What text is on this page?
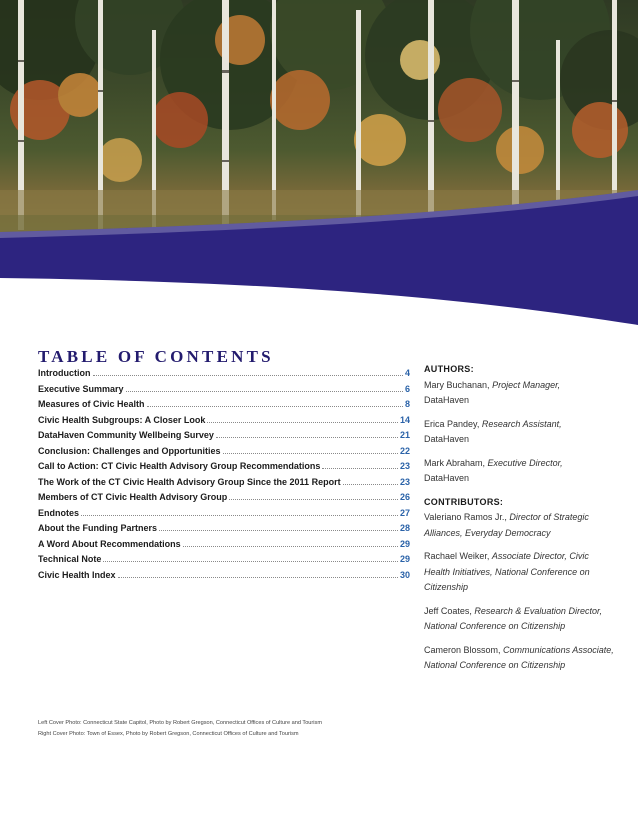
TABLE OF CONTENTS
Introduction	4
Executive Summary	6
Measures of Civic Health	8
Civic Health Subgroups: A Closer Look	14
DataHaven Community Wellbeing Survey	21
Conclusion: Challenges and Opportunities	22
Call to Action: CT Civic Health Advisory Group Recommendations	23
The Work of the CT Civic Health Advisory Group Since the 2011 Report	23
Members of CT Civic Health Advisory Group	26
Endnotes	27
About the Funding Partners	28
A Word About Recommendations	29
Technical Note	29
Civic Health Index	30
AUTHORS:

Mary Buchanan, Project Manager,
DataHaven

Erica Pandey, Research Assistant,
DataHaven

Mark Abraham, Executive Director,
DataHaven

CONTRIBUTORS:

Valeriano Ramos Jr., Director of Strategic Alliances, Everyday Democracy

Rachael Weiker, Associate Director, Civic Health Initiatives, National Conference on Citizenship

Jeff Coates, Research & Evaluation Director, National Conference on Citizenship

Cameron Blossom, Communications Associate, National Conference on Citizenship

Left Cover Photo: Connecticut State Capitol, Photo by Robert Gregson, Connecticut Offices of Culture and Tourism
Right Cover Photo: Town of Essex, Photo by Robert Gregson, Connecticut Offices of Culture and Tourism
